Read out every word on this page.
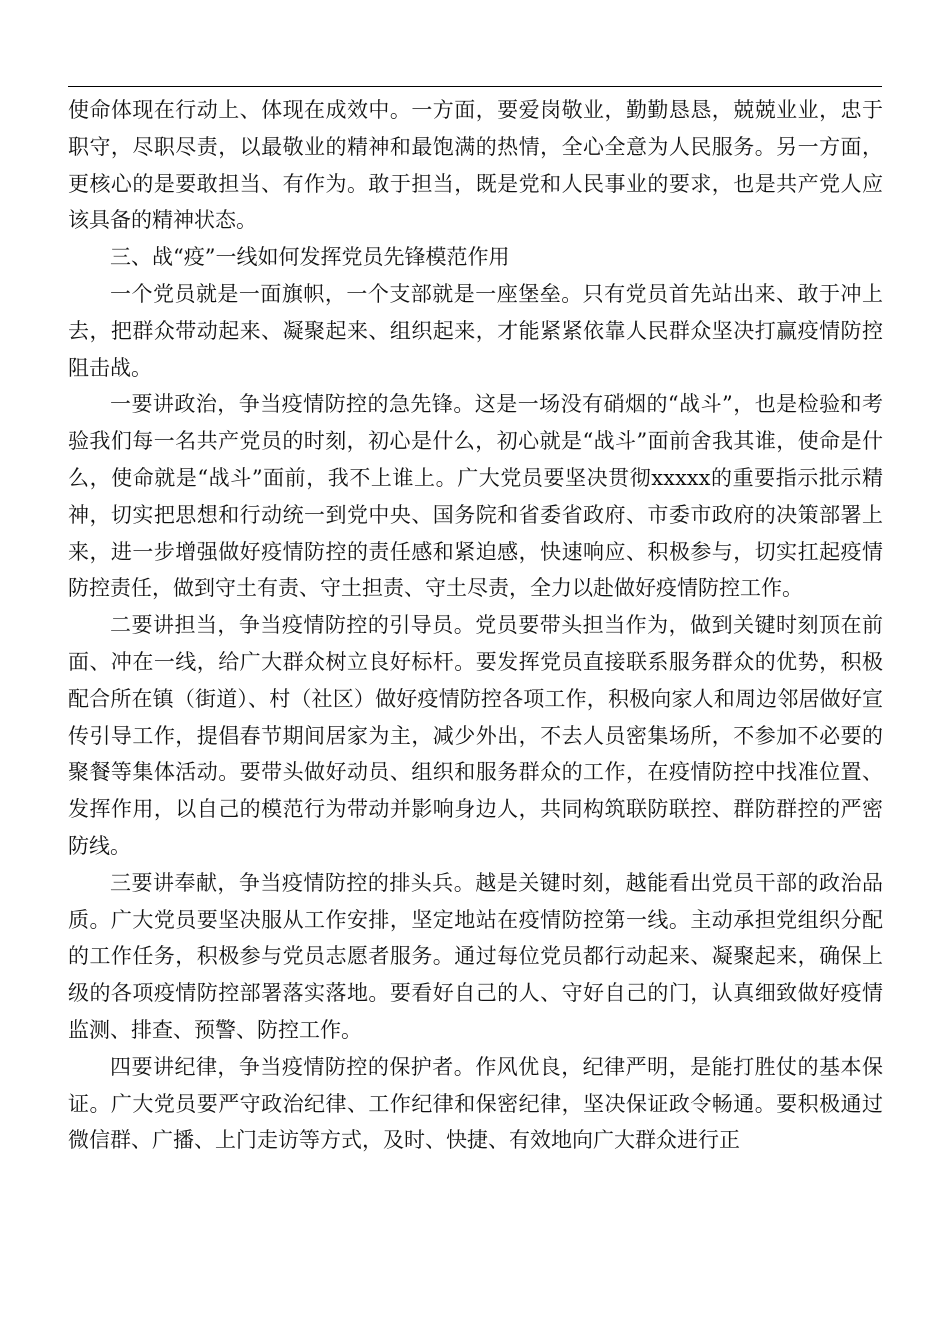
使命体现在行动上、体现在成效中。一方面，要爱岗敬业，勤勤恳恳，兢兢业业，忠于职守，尽职尽责，以最敬业的精神和最饱满的热情，全心全意为人民服务。另一方面，更核心的是要敢担当、有作为。敢于担当，既是党和人民事业的要求，也是共产党人应该具备的精神状态。

三、战“疫”一线如何发挥党员先锋模范作用

一个党员就是一面旗帜，一个支部就是一座堡垒。只有党员首先站出来、敢于冲上去，把群众带动起来、凝聚起来、组织起来，才能紧紧依靠人民群众坚决打赢疫情防控阻击战。

一要讲政治，争当疫情防控的急先锋。这是一场没有硝烟的“战斗”，也是检验和考验我们每一名共产党员的时刻，初心是什么，初心就是“战斗”面前舍我其谁，使命是什么，使命就是“战斗”面前，我不上谁上。广大党员要坚决贯彻xxxxx的重要指示批示精神，切实把思想和行动统一到党中央、国务院和省委省政府、市委市政府的决策部署上来，进一步增强做好疫情防控的责任感和紧迫感，快速响应、积极参与，切实扛起疫情防控责任，做到守土有责、守土担责、守土尽责，全力以赴做好疫情防控工作。

二要讲担当，争当疫情防控的引导员。党员要带头担当作为，做到关键时刻顶在前面、冲在一线，给广大群众树立良好标杆。要发挥党员直接联系服务群众的优势，积极配合所在镇（街道）、村（社区）做好疫情防控各项工作，积极向家人和周边邻居做好宣传引导工作，提倡春节期间居家为主，减少外出，不去人员密集场所，不参加不必要的聚餐等集体活动。要带头做好动员、组织和服务群众的工作，在疫情防控中找准位置、发挥作用，以自己的模范行为带动并影响身边人，共同构筑联防联控、群防群控的严密防线。

三要讲奉献，争当疫情防控的排头兵。越是关键时刻，越能看出党员干部的政治品质。广大党员要坚决服从工作安排，坚定地站在疫情防控第一线。主动承担党组织分配的工作任务，积极参与党员志愿者服务。通过每位党员都行动起来、凝聚起来，确保上级的各项疫情防控部署落实落地。要看好自己的人、守好自己的门，认真细致做好疫情监测、排查、预警、防控工作。

四要讲纪律，争当疫情防控的保护者。作风优良，纪律严明，是能打胜仗的基本保证。广大党员要严守政治纪律、工作纪律和保密纪律，坚决保证政令畅通。要积极通过微信群、广播、上门走访等方式，及时、快捷、有效地向广大群众进行正
